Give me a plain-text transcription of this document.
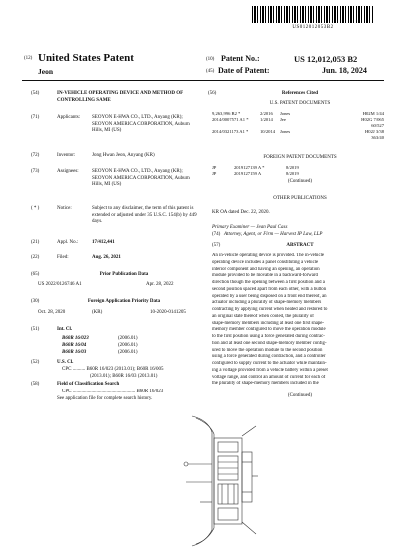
US012012053B2
(12) United States Patent
Jeon
(10) Patent No.:	US 12,012,053 B2
(45) Date of Patent:	Jun. 18, 2024
(54)	IN-VEHICLE OPERATING DEVICE AND METHOD OF CONTROLLING SAME
(71)	Applicants: SEOYON E-HWA CO., LTD., Anyang (KR); SEOYON AMERICA CORPORATION, Auburn Hills, MI (US)
(72)	Inventor:	Jong Hwan Jeon, Anyang (KR)
(73)	Assignees:	SEOYON E-HWA CO., LTD., Anyang (KR); SEOYON AMERICA CORPORATION, Auburn Hills, MI (US)
( * )	Notice:	Subject to any disclaimer, the term of this patent is extended or adjusted under 35 U.S.C. 154(b) by 449 days.
(21)	Appl. No.:	17/412,441
(22)	Filed:	Aug. 26, 2021
(65)	Prior Publication Data
US 2022/0126746 A1	Apr. 28, 2022
(30)	Foreign Application Priority Data
Oct. 28, 2020	(KR)	10-2020-0141205
(51)	Int. Cl.
B60R 16/023	(2006.01)
B60R 16/04	(2006.01)
B60R 16/03	(2006.01)
(52)	U.S. Cl.
CPC .......... B60R 16/023 (2013.01); B60R 16/005
(2013.01); B60R 16/03 (2013.01)
(58)	Field of Classification Search
CPC .................................................. B60R 16/023
See application file for complete search history.
(56)	References Cited
U.S. PATENT DOCUMENTS
9,263,996 B2 *	2/2016	Jones	H02M 1/44
2014/0007571 A1 *	1/2014	Jee	H02G 7/065
60/527
2014/0321173 A1 *	10/2014	Jones	H02J 3/38
363/40
FOREIGN PATENT DOCUMENTS
JP	2019127139 A *	8/2019
JP	2019127159 A	8/2019
(Continued)
OTHER PUBLICATIONS
KR OA dated Dec. 22, 2020.
Primary Examiner — Jean Paul Cass
(74) Attorney, Agent, or Firm — Harvest IP Law, LLP
(57)	ABSTRACT
An in-vehicle operating device is provided. The in-vehicle
operating device includes a panel constituting a vehicle
interior component and having an opening, an operation
module provided to be movable in a backward-forward
direction though the opening between a first position and a
second position spaced apart from each other, with a button
operated by a user being disposed on a front end thereof, an
actuator including a plurality of shape-memory members
contracting by applying current when heated and restored to
an original state thereof when cooled, the plurality of
shape-memory members including at least one first shape-
memory member configured to move the operation module
to the first position using a force generated during contrac-
tion and at least one second shape-memory member config-
ured to move the operation module to the second position
using a force generated during contraction, and a controller
configured to supply current to the actuator while maintain-
ing a voltage provided from a vehicle battery within a preset
voltage range, and control an amount of current for each of
the plurality of shape-memory members included in the
(Continued)
